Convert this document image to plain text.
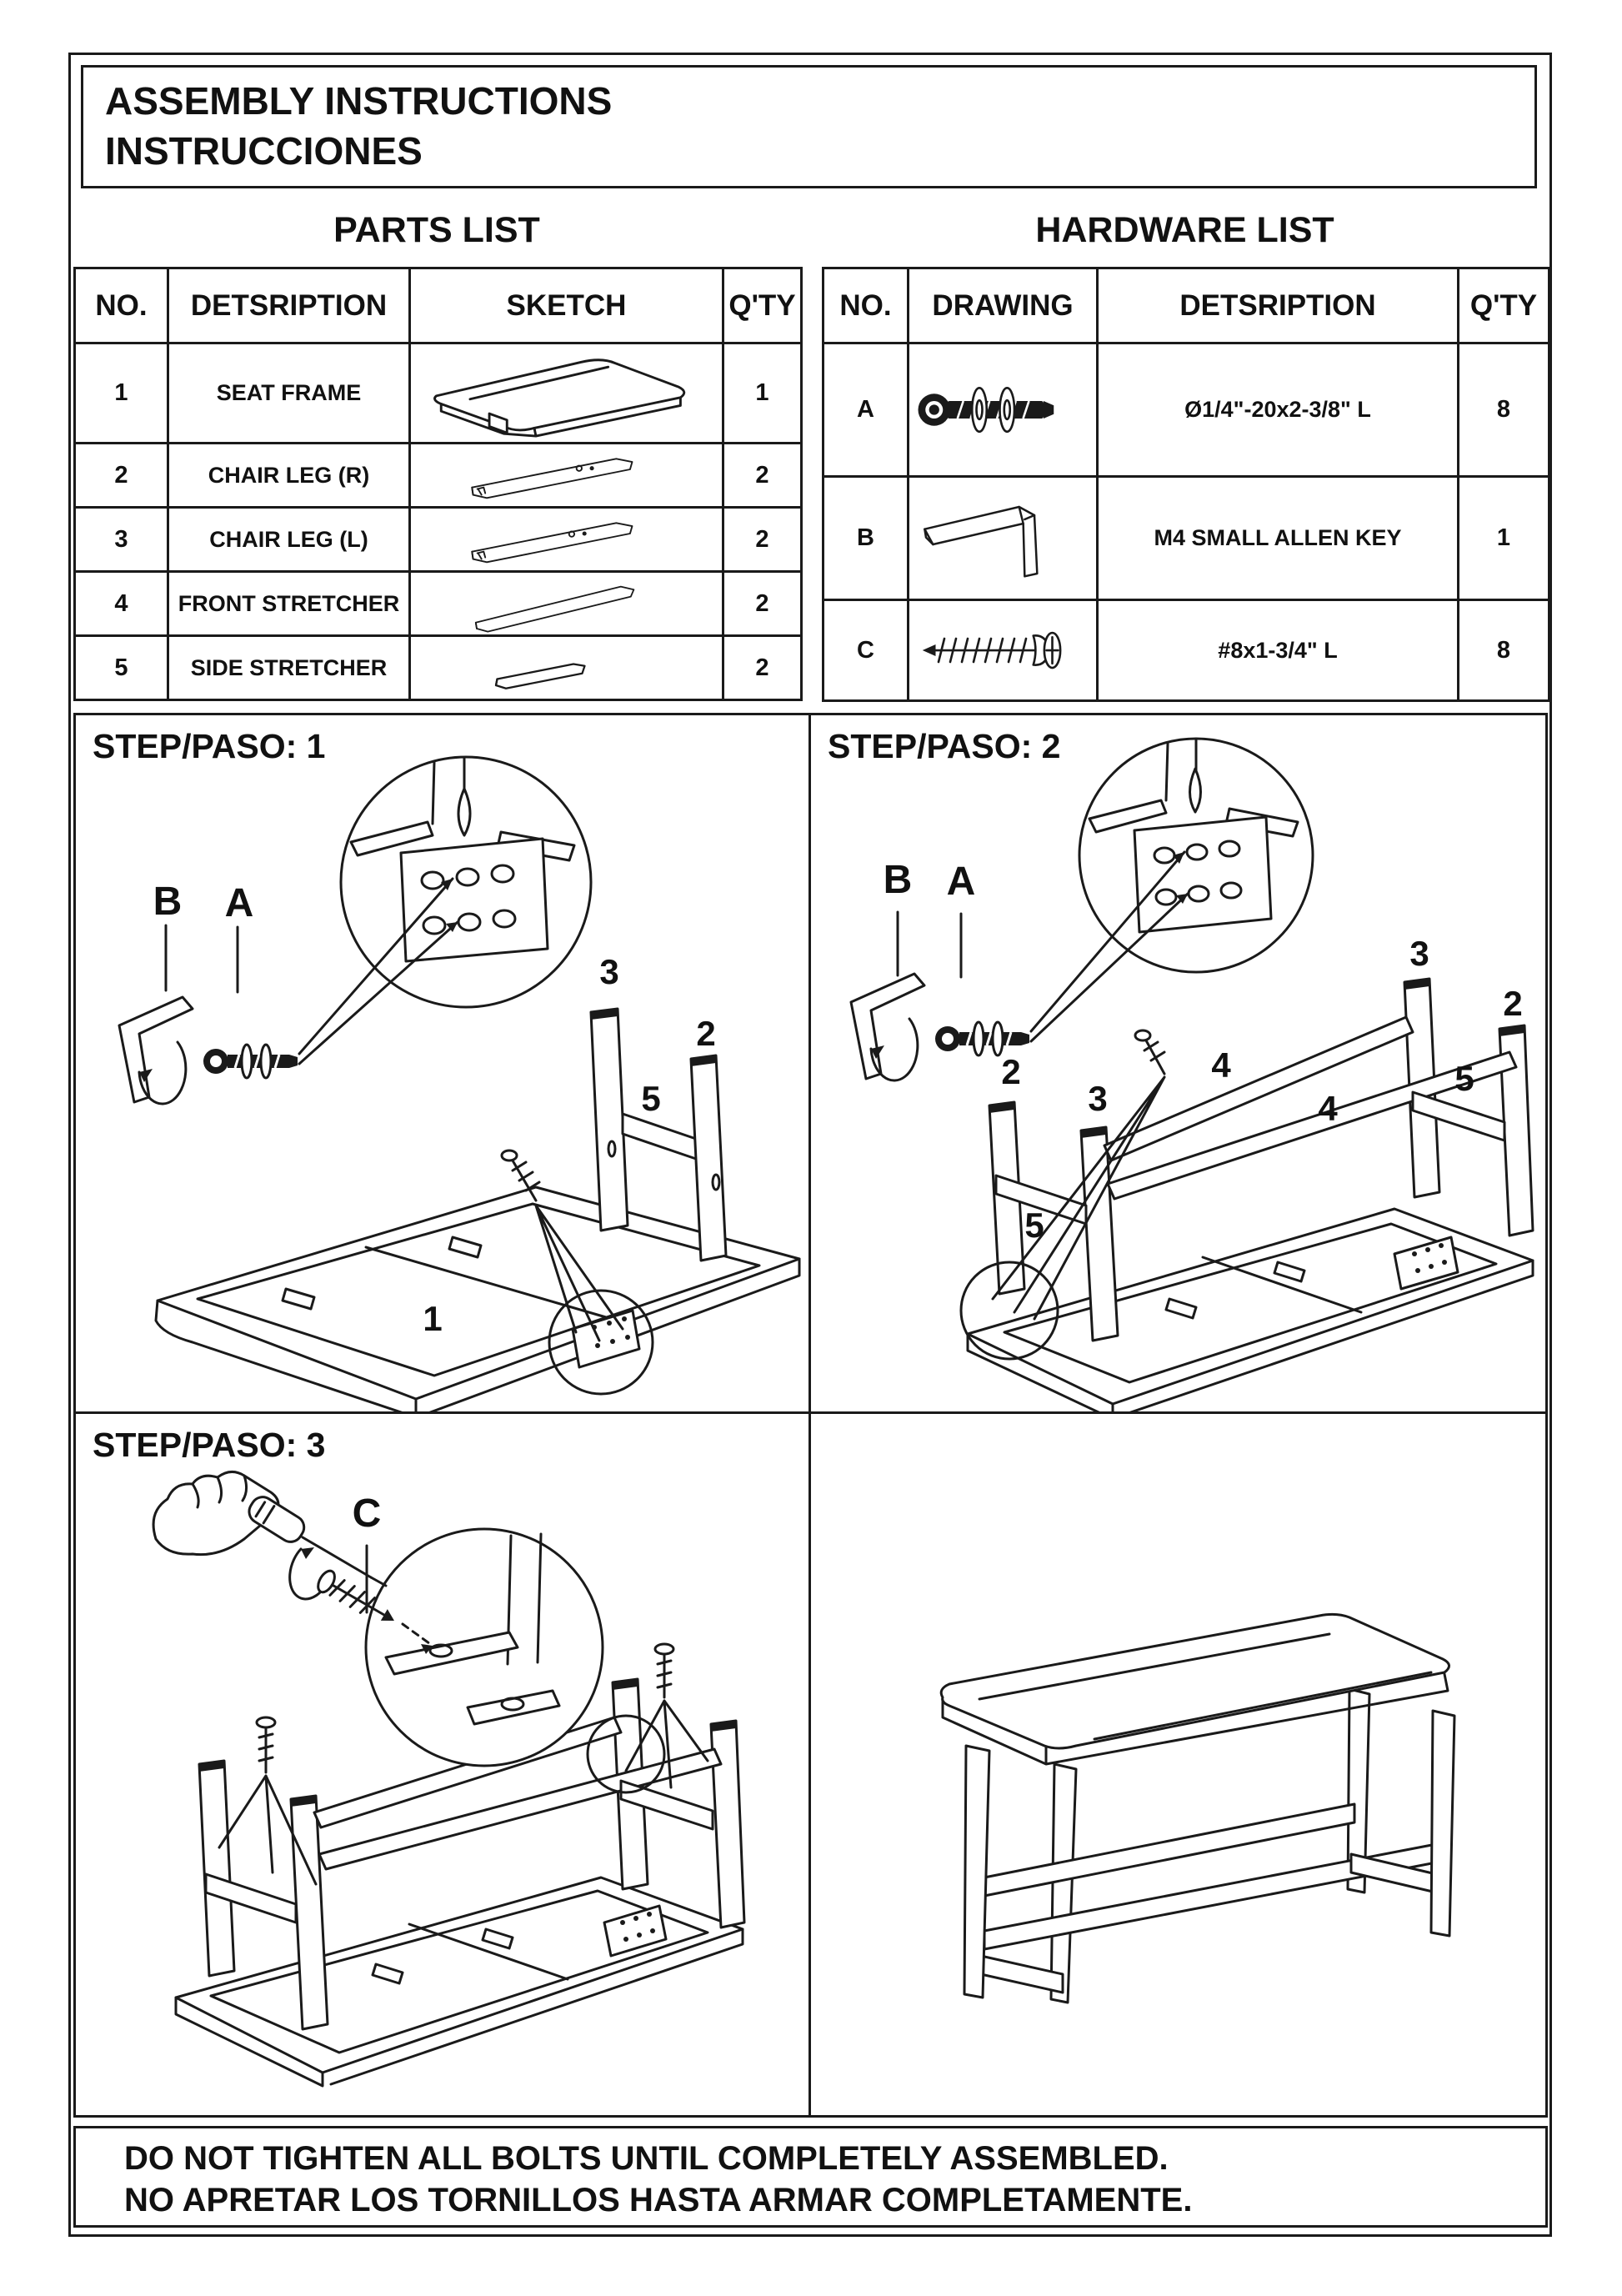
ASSEMBLY INSTRUCTIONS
INSTRUCCIONES
PARTS LIST	HARDWARE LIST
NO.	DETSRIPTION	SKETCH	Q'TY
1	SEAT FRAME		1
2	CHAIR LEG (R)		2
3	CHAIR LEG (L)		2
4	FRONT STRETCHER		2
5	SIDE STRETCHER		2
NO.	DRAWING	DETSRIPTION	Q'TY
A		Ø1/4"-20x2-3/8" L	8
B		M4 SMALL ALLEN KEY	1
C		#8x1-3/4" L	8
STEP/PASO: 1
B A
3
2
5
1
STEP/PASO: 2
B A
2
3
4
4
5
3
2
5
STEP/PASO: 3
C
DO NOT TIGHTEN ALL BOLTS UNTIL COMPLETELY ASSEMBLED.
NO APRETAR LOS TORNILLOS HASTA ARMAR COMPLETAMENTE.
